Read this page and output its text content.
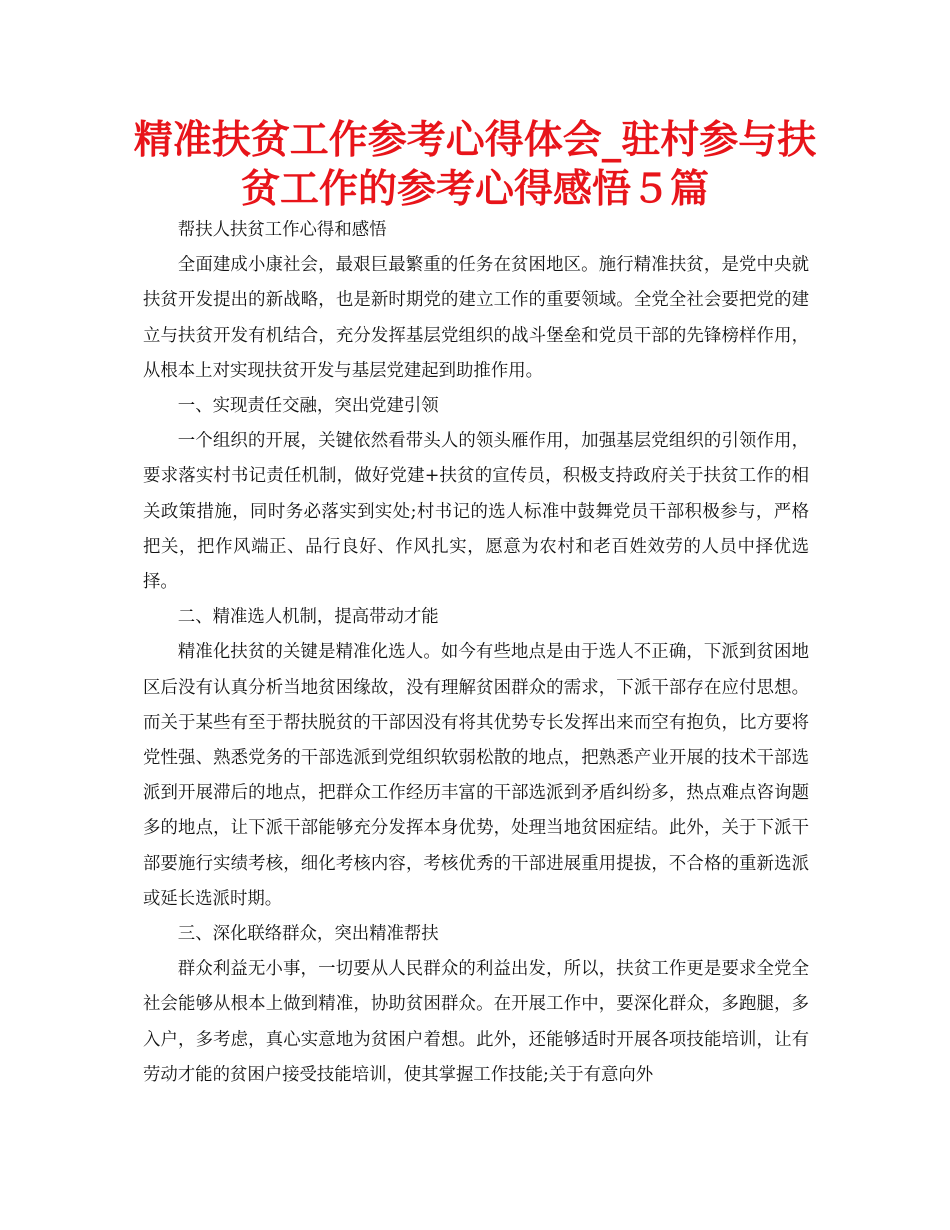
精准扶贫工作参考心得体会_驻村参与扶贫工作的参考心得感悟５篇

帮扶人扶贫工作心得和感悟

全面建成小康社会，最艰巨最繁重的任务在贫困地区。施行精准扶贫，是党中央就扶贫开发提出的新战略，也是新时期党的建立工作的重要领域。全党全社会要把党的建立与扶贫开发有机结合，充分发挥基层党组织的战斗堡垒和党员干部的先锋榜样作用，从根本上对实现扶贫开发与基层党建起到助推作用。

一、实现责任交融，突出党建引领

一个组织的开展，关键依然看带头人的领头雁作用，加强基层党组织的引领作用，要求落实村书记责任机制，做好党建+扶贫的宣传员，积极支持政府关于扶贫工作的相关政策措施，同时务必落实到实处;村书记的选人标准中鼓舞党员干部积极参与，严格把关，把作风端正、品行良好、作风扎实，愿意为农村和老百姓效劳的人员中择优选择。

二、精准选人机制，提高带动才能

精准化扶贫的关键是精准化选人。如今有些地点是由于选人不正确，下派到贫困地区后没有认真分析当地贫困缘故，没有理解贫困群众的需求，下派干部存在应付思想。而关于某些有至于帮扶脱贫的干部因没有将其优势专长发挥出来而空有抱负，比方要将党性强、熟悉党务的干部选派到党组织软弱松散的地点，把熟悉产业开展的技术干部选派到开展滞后的地点，把群众工作经历丰富的干部选派到矛盾纠纷多，热点难点咨询题多的地点，让下派干部能够充分发挥本身优势，处理当地贫困症结。此外，关于下派干部要施行实绩考核，细化考核内容，考核优秀的干部进展重用提拔，不合格的重新选派或延长选派时期。

三、深化联络群众，突出精准帮扶

群众利益无小事，一切要从人民群众的利益出发，所以，扶贫工作更是要求全党全社会能够从根本上做到精准，协助贫困群众。在开展工作中，要深化群众，多跑腿，多入户，多考虑，真心实意地为贫困户着想。此外，还能够适时开展各项技能培训，让有劳动才能的贫困户接受技能培训，使其掌握工作技能;关于有意向外
